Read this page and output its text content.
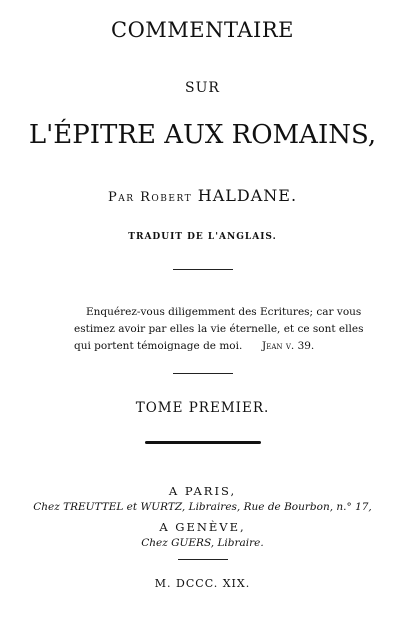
COMMENTAIRE
SUR
L'ÉPITRE AUX ROMAINS,
Par Robert HALDANE.
TRADUIT DE L'ANGLAIS.
Enquérez-vous diligemment des Ecritures; car vous
estimez avoir par elles la vie éternelle, et ce sont elles
qui portent témoignage de moi. Jean v. 39.
TOME PREMIER.
A PARIS,
Chez TREUTTEL et WURTZ, Libraires, Rue de Bourbon, n.° 17,
A GENÈVE,
Chez GUERS, Libraire.
M. DCCC. XIX.
